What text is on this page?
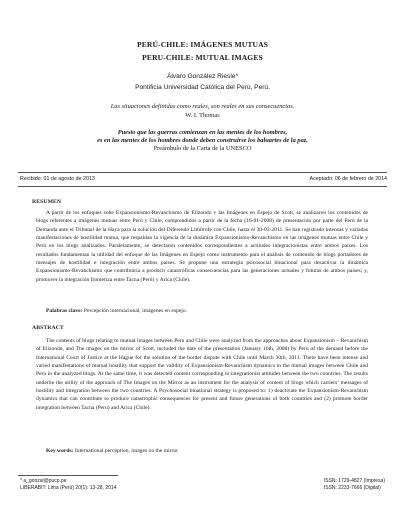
PERÚ-CHILE: IMÁGENES MUTUAS
PERU-CHILE: MUTUAL IMAGES
Álvaro González Riesle*
Pontificia Universidad Católica del Perú, Perú.
Las situaciones definidas como reales, son reales en sus consecuencias.
W. I. Thomas
Puesto que las guerras comienzan en las mentes de los hombres,
es en las mentes de los hombres donde deben construirse los baluartes de la paz.
Preámbulo de la Carta de la UNESCO
Recibido: 01 de agosto de 2013	Aceptado: 06 de febrero de 2014
RESUMEN

A partir de los enfoques sobe Expansionismo-Revanchismo de Elizondo y las Imágenes en Espejo de Scott, se analizaron los contenidos de blogs referentes a imágenes mutuas entre Perú y Chile, comprendidos a partir de la fecha (16-01-2008) de presentación por parte del Perú de la Demanda ante el Tribunal de la Haya para la solución del Diferendo Limítrofe con Chile, hasta el 30-03-2011. Se han registrado intensas y variadas manifestaciones de hostilidad mutua, que respaldan la vigencia de la dinámica Expansionismo-Revanchismo en las imágenes mutuas entre Chile y Perú en los blogs analizados. Paralelamente, se detectaron contenidos correspondientes a actitudes integracionistas entre ambos países. Los resultados fundamentan la utilidad del enfoque de las Imágenes en Espejo como instrumento para el análisis de contenido de blogs portadores de mensajes de hostilidad e integración entre ambos países. Se propone una estrategia psicosocial binacional para desactivar la dinámica Expansionismo-Revanchismo que contribuiría a producir catastróficas consecuencias para las generaciones actuales y futuras de ambos países; y, promover la integración fronteriza entre Tacna (Perú) y Arica (Chile).

Palabras clave: Percepción internacional, imágenes en espejo.
ABSTRACT

The contents of blogs relating to mutual images between Peru and Chile were analyzed from the approaches about Expansionism – Revanchism of Elizondo, and The images on the mirror of Scott, included the date of the presentation (January 16th, 2008) by Peru of the demand before the International Court of Justice at the Hague for the solution of the border dispute with Chile until March 30th, 2011. There have been intense and varied manifestations of mutual hostility that support the validity of Expansionism-Revanchism dynamics in the mutual images between Chile and Peru in the analyzed blogs. At the same time, it was detected content corresponding to integrationist attitudes between the two countries. The results underlie the utility of the approach of The Images on the Mirror as an instrument for the analysis of content of blogs which carriers’ messages of hostility and integration between the two countries. A Psychosocial binational strategy is proposed to: 1) deactivate the Expansionism-Revanchism dynamics that can contribute to produce catastrophic consequences for present and future generations of both countries and (2) promote border integration between Tacna (Peru) and Arica (Chile).

Key words: International perception, images on the mirror
* a_gonzal@pucp.pe
LIBERABIT: Lima (Perú) 20(1): 13-28, 2014
ISSN: 1729-4827 (Impresa)
ISSN: 2233-7666 (Digital)
